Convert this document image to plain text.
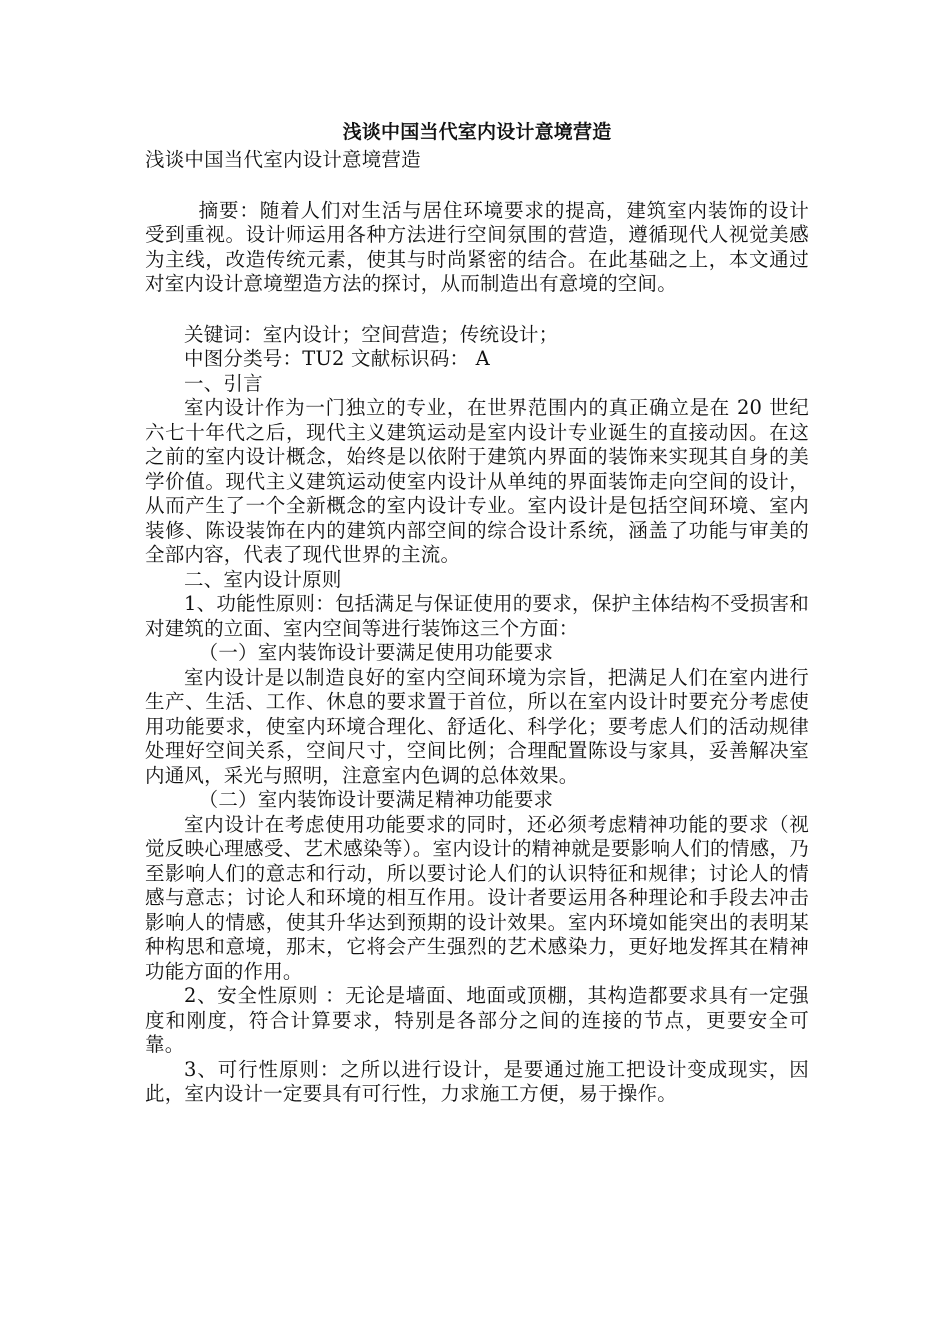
浅谈中国当代室内设计意境营造

浅谈中国当代室内设计意境营造

摘要：随着人们对生活与居住环境要求的提高，建筑室内装饰的设计受到重视。设计师运用各种方法进行空间氛围的营造，遵循现代人视觉美感为主线，改造传统元素，使其与时尚紧密的结合。在此基础之上，本文通过对室内设计意境塑造方法的探讨，从而制造出有意境的空间。

关键词：室内设计；空间营造；传统设计；

中图分类号：TU2 文献标识码： A

一、引言

室内设计作为一门独立的专业，在世界范围内的真正确立是在 20 世纪六七十年代之后，现代主义建筑运动是室内设计专业诞生的直接动因。在这之前的室内设计概念，始终是以依附于建筑内界面的装饰来实现其自身的美学价值。现代主义建筑运动使室内设计从单纯的界面装饰走向空间的设计，从而产生了一个全新概念的室内设计专业。室内设计是包括空间环境、室内装修、陈设装饰在内的建筑内部空间的综合设计系统，涵盖了功能与审美的全部内容，代表了现代世界的主流。

二、室内设计原则

1、功能性原则：包括满足与保证使用的要求，保护主体结构不受损害和对建筑的立面、室内空间等进行装饰这三个方面：

（一）室内装饰设计要满足使用功能要求

室内设计是以制造良好的室内空间环境为宗旨，把满足人们在室内进行生产、生活、工作、休息的要求置于首位，所以在室内设计时要充分考虑使用功能要求，使室内环境合理化、舒适化、科学化；要考虑人们的活动规律处理好空间关系，空间尺寸，空间比例；合理配置陈设与家具，妥善解决室内通风，采光与照明，注意室内色调的总体效果。

（二）室内装饰设计要满足精神功能要求

室内设计在考虑使用功能要求的同时，还必须考虑精神功能的要求（视觉反映心理感受、艺术感染等）。室内设计的精神就是要影响人们的情感，乃至影响人们的意志和行动，所以要讨论人们的认识特征和规律；讨论人的情感与意志；讨论人和环境的相互作用。设计者要运用各种理论和手段去冲击影响人的情感，使其升华达到预期的设计效果。室内环境如能突出的表明某种构思和意境，那末，它将会产生强烈的艺术感染力，更好地发挥其在精神功能方面的作用。

2、安全性原则 ：无论是墙面、地面或顶棚，其构造都要求具有一定强度和刚度，符合计算要求，特别是各部分之间的连接的节点，更要安全可靠。

3、可行性原则：之所以进行设计，是要通过施工把设计变成现实，因此，室内设计一定要具有可行性，力求施工方便，易于操作。
